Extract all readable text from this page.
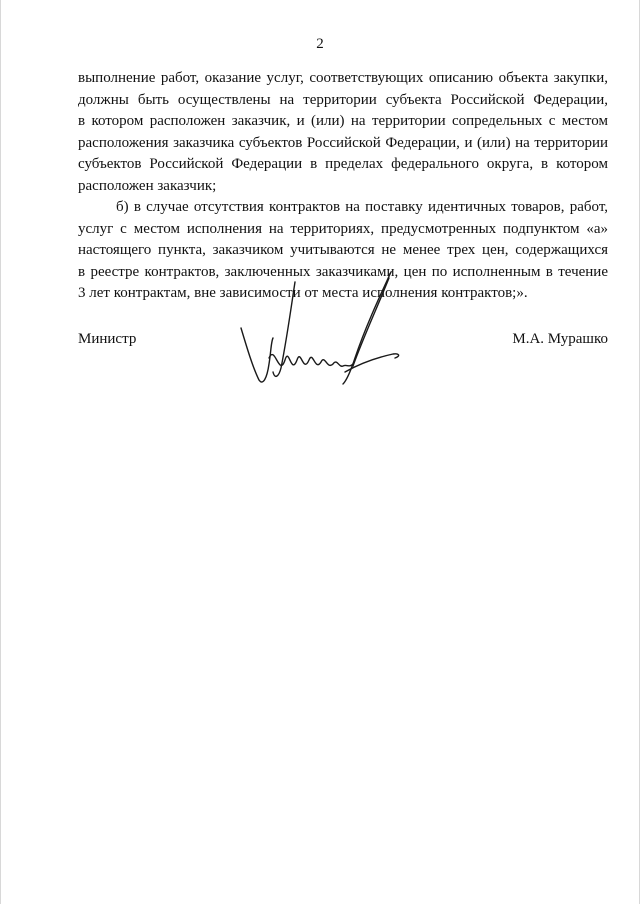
2
выполнение работ, оказание услуг, соответствующих описанию объекта закупки,
должны быть осуществлены на территории субъекта Российской Федерации,
в котором расположен заказчик, и (или) на территории сопредельных с местом
расположения заказчика субъектов Российской Федерации, и (или) на территории
субъектов Российской Федерации в пределах федерального округа, в котором
расположен заказчик;
б) в случае отсутствия контрактов на поставку идентичных товаров, работ,
услуг с местом исполнения на территориях, предусмотренных подпунктом «а»
настоящего пункта, заказчиком учитываются не менее трех цен, содержащихся
в реестре контрактов, заключенных заказчиками, цен по исполненным в течение
3 лет контрактам, вне зависимости от места исполнения контрактов;».
Министр	М.А. Мурашко
